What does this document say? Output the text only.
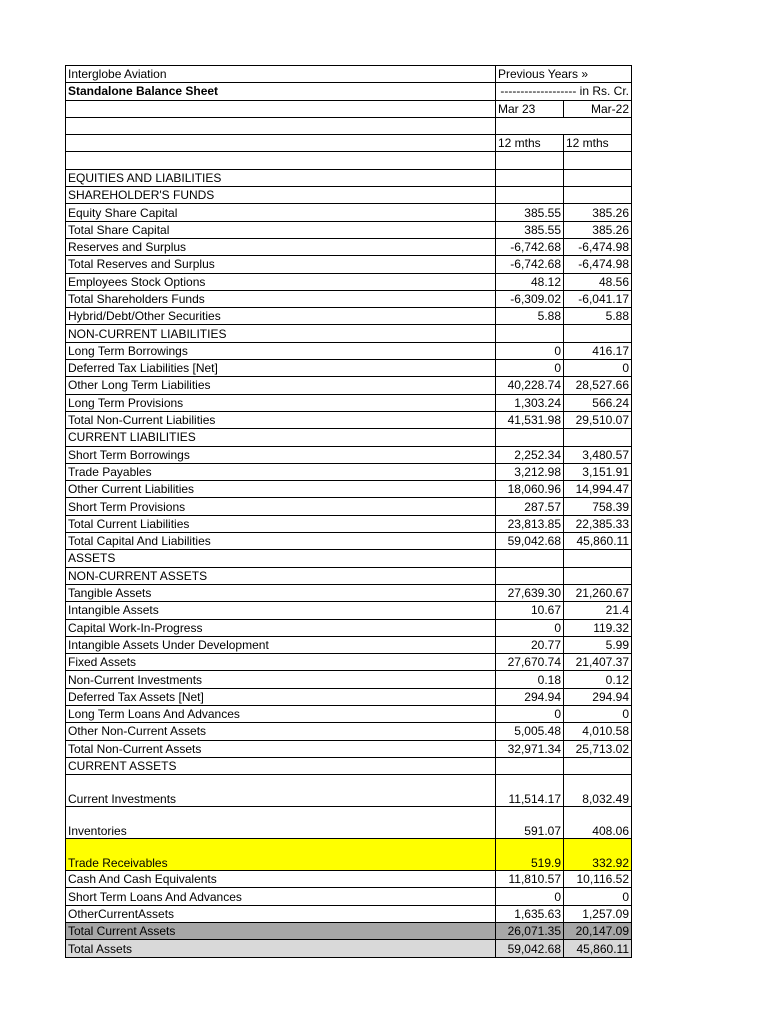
Interglobe Aviation	Previous Years »	
Standalone Balance Sheet	------------------- in Rs. Cr.	
	Mar 23	Mar-22

	12 mths	12 mths

EQUITIES AND LIABILITIES		
SHAREHOLDER'S FUNDS		
Equity Share Capital	385.55	385.26
Total Share Capital	385.55	385.26
Reserves and Surplus	-6,742.68	-6,474.98
Total Reserves and Surplus	-6,742.68	-6,474.98
Employees Stock Options	48.12	48.56
Total Shareholders Funds	-6,309.02	-6,041.17
Hybrid/Debt/Other Securities	5.88	5.88
NON-CURRENT LIABILITIES		
Long Term Borrowings	0	416.17
Deferred Tax Liabilities [Net]	0	0
Other Long Term Liabilities	40,228.74	28,527.66
Long Term Provisions	1,303.24	566.24
Total Non-Current Liabilities	41,531.98	29,510.07
CURRENT LIABILITIES		
Short Term Borrowings	2,252.34	3,480.57
Trade Payables	3,212.98	3,151.91
Other Current Liabilities	18,060.96	14,994.47
Short Term Provisions	287.57	758.39
Total Current Liabilities	23,813.85	22,385.33
Total Capital And Liabilities	59,042.68	45,860.11
ASSETS		
NON-CURRENT ASSETS		
Tangible Assets	27,639.30	21,260.67
Intangible Assets	10.67	21.4
Capital Work-In-Progress	0	119.32
Intangible Assets Under Development	20.77	5.99
Fixed Assets	27,670.74	21,407.37
Non-Current Investments	0.18	0.12
Deferred Tax Assets [Net]	294.94	294.94
Long Term Loans And Advances	0	0
Other Non-Current Assets	5,005.48	4,010.58
Total Non-Current Assets	32,971.34	25,713.02
CURRENT ASSETS		
Current Investments	11,514.17	8,032.49
Inventories	591.07	408.06
Trade Receivables	519.9	332.92
Cash And Cash Equivalents	11,810.57	10,116.52
Short Term Loans And Advances	0	0
OtherCurrentAssets	1,635.63	1,257.09
Total Current Assets	26,071.35	20,147.09
Total Assets	59,042.68	45,860.11
